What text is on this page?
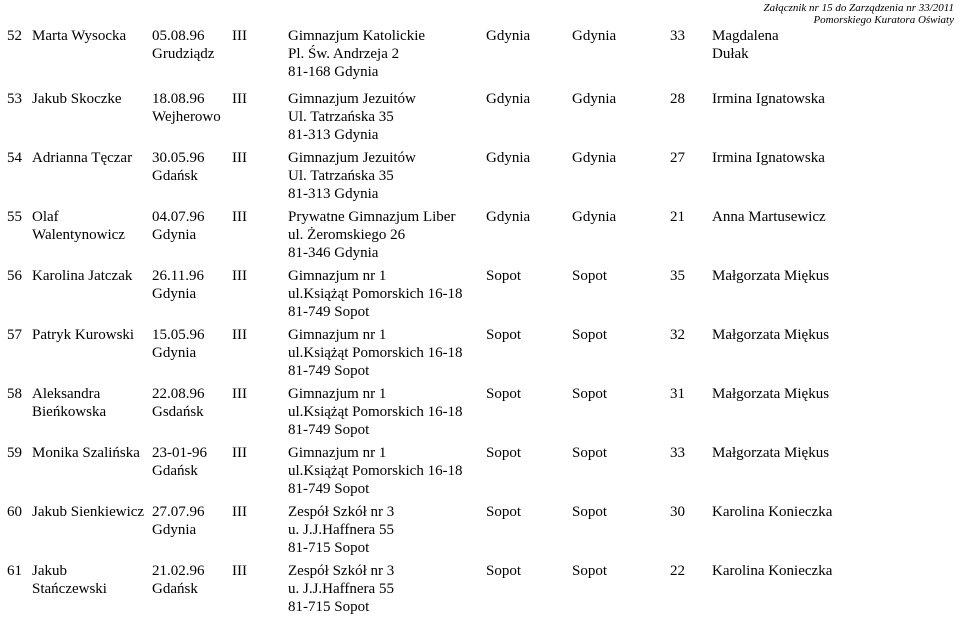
Załącznik nr 15 do Zarządzenia nr 33/2011
Pomorskiego Kuratora Oświaty
52	Marta Wysocka	05.08.96
Grudziądz	III	Gimnazjum Katolickie
Pl. Św. Andrzeja 2
81-168 Gdynia	Gdynia	Gdynia	33	Magdalena
Dułak

53	Jakub Skoczke	18.08.96
Wejherowo	III	Gimnazjum Jezuitów
Ul. Tatrzańska 35
81-313 Gdynia	Gdynia	Gdynia	28	Irmina Ignatowska

54	Adrianna Tęczar	30.05.96
Gdańsk	III	Gimnazjum Jezuitów
Ul. Tatrzańska 35
81-313 Gdynia	Gdynia	Gdynia	27	Irmina Ignatowska

55	Olaf
Walentynowicz	04.07.96
Gdynia	III	Prywatne Gimnazjum Liber
ul. Żeromskiego 26
81-346 Gdynia	Gdynia	Gdynia	21	Anna Martusewicz

56	Karolina Jatczak	26.11.96
Gdynia	III	Gimnazjum nr 1
ul.Książąt Pomorskich 16-18
81-749 Sopot	Sopot	Sopot	35	Małgorzata Miękus

57	Patryk Kurowski	15.05.96
Gdynia	III	Gimnazjum nr 1
ul.Książąt Pomorskich 16-18
81-749 Sopot	Sopot	Sopot	32	Małgorzata Miękus

58	Aleksandra
Bieńkowska	22.08.96
Gsdańsk	III	Gimnazjum nr 1
ul.Książąt Pomorskich 16-18
81-749 Sopot	Sopot	Sopot	31	Małgorzata Miękus

59	Monika Szalińska	23-01-96
Gdańsk	III	Gimnazjum nr 1
ul.Książąt Pomorskich 16-18
81-749 Sopot	Sopot	Sopot	33	Małgorzata Miękus

60	Jakub Sienkiewicz	27.07.96
Gdynia	III	Zespół Szkół nr 3
u. J.J.Haffnera 55
81-715 Sopot	Sopot	Sopot	30	Karolina Konieczka

61	Jakub
Stańczewski	21.02.96
Gdańsk	III	Zespół Szkół nr 3
u. J.J.Haffnera 55
81-715 Sopot	Sopot	Sopot	22	Karolina Konieczka
